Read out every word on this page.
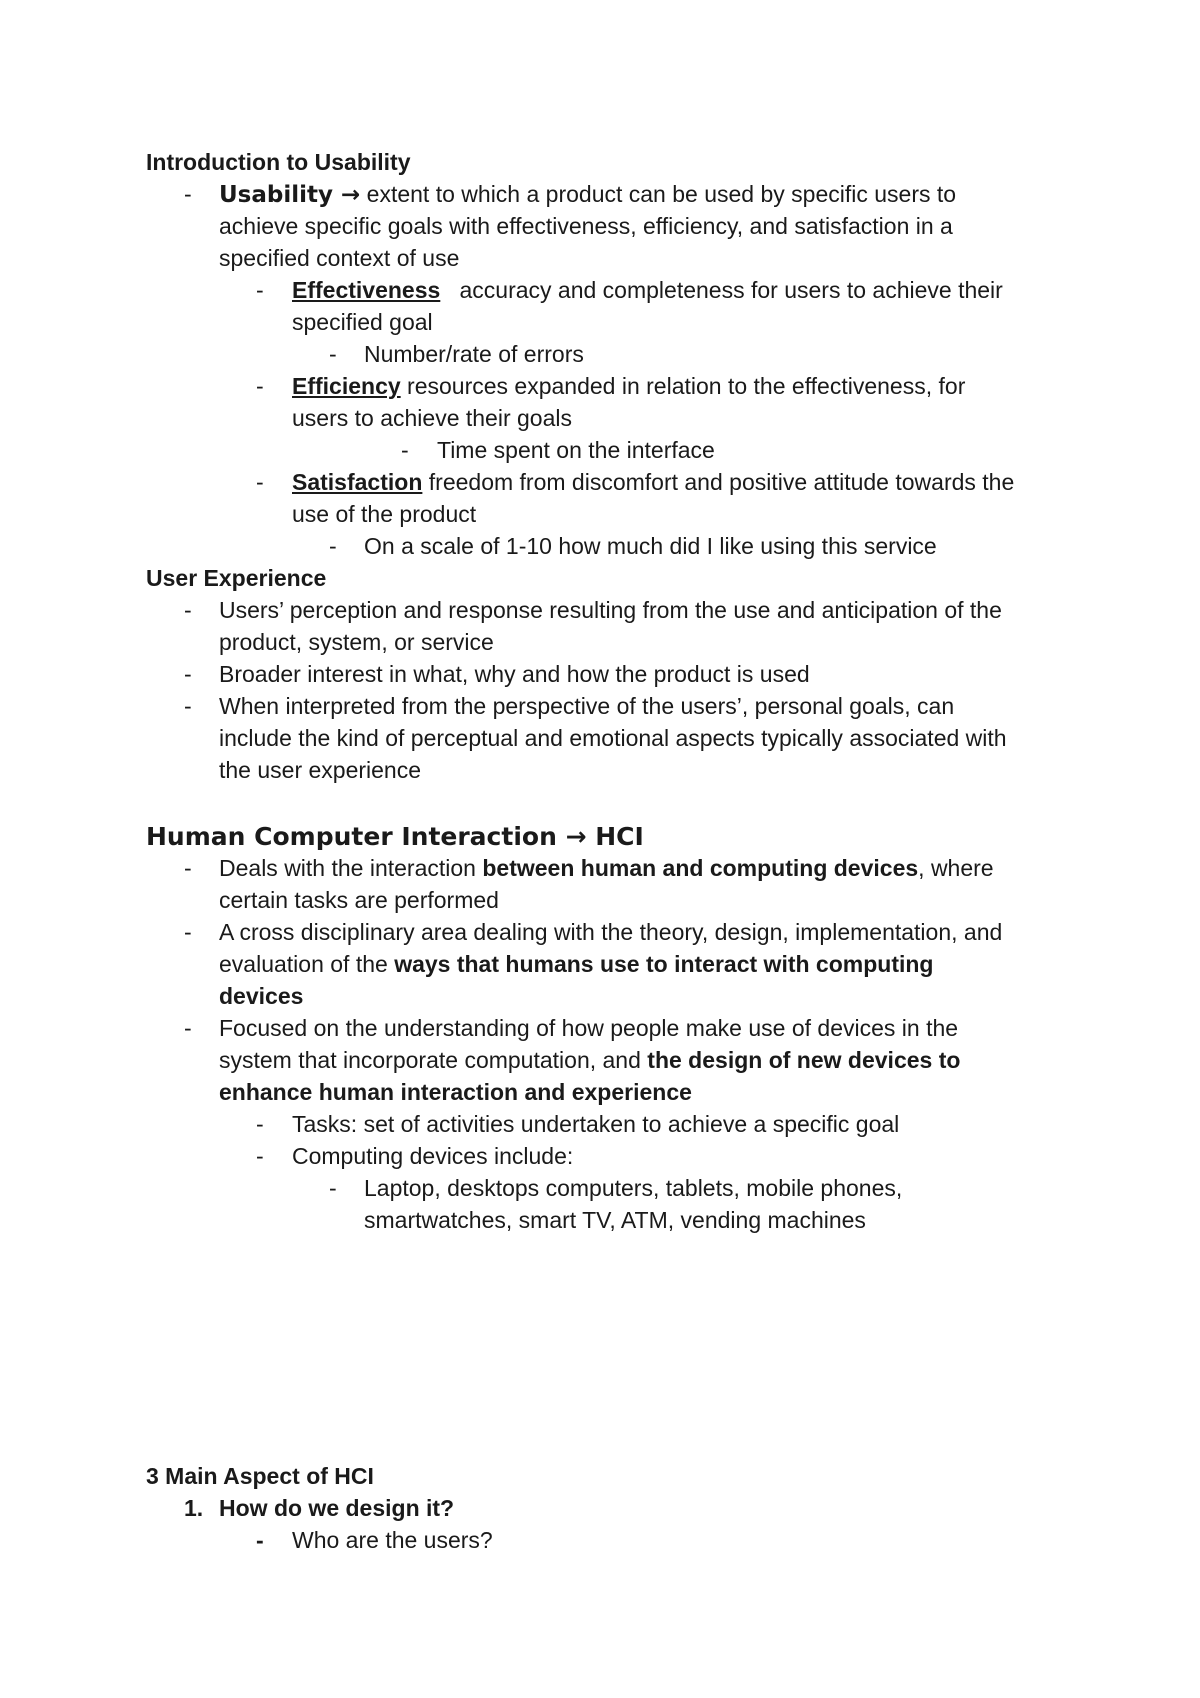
Introduction to Usability
- Usability → extent to which a product can be used by specific users to
achieve specific goals with effectiveness, efficiency, and satisfaction in a
specified context of use
- Effectiveness   accuracy and completeness for users to achieve their
specified goal
- Number/rate of errors
- Efficiency resources expanded in relation to the effectiveness, for
users to achieve their goals
- Time spent on the interface
- Satisfaction freedom from discomfort and positive attitude towards the
use of the product
- On a scale of 1-10 how much did I like using this service
User Experience
- Users’ perception and response resulting from the use and anticipation of the
product, system, or service
- Broader interest in what, why and how the product is used
- When interpreted from the perspective of the users’, personal goals, can
include the kind of perceptual and emotional aspects typically associated with
the user experience
Human Computer Interaction → HCI
- Deals with the interaction between human and computing devices, where
certain tasks are performed
- A cross disciplinary area dealing with the theory, design, implementation, and
evaluation of the ways that humans use to interact with computing
devices
- Focused on the understanding of how people make use of devices in the
system that incorporate computation, and the design of new devices to
enhance human interaction and experience
- Tasks: set of activities undertaken to achieve a specific goal
- Computing devices include:
- Laptop, desktops computers, tablets, mobile phones,
smartwatches, smart TV, ATM, vending machines
3 Main Aspect of HCI
1. How do we design it?
- Who are the users?
